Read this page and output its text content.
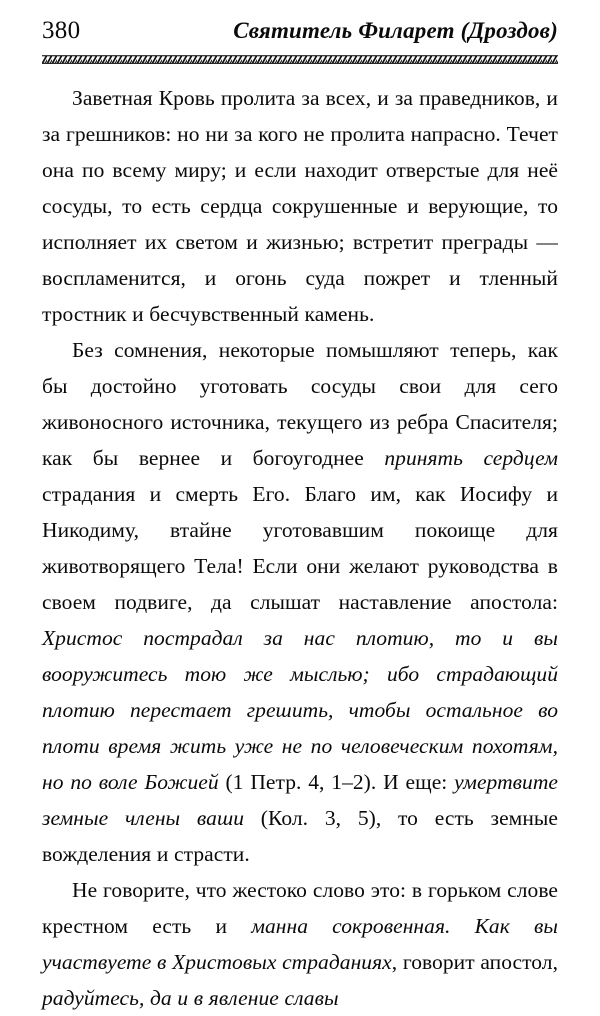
380	Святитель Филарет (Дроздов)

Заветная Кровь пролита за всех, и за праведников, и за грешников: но ни за кого не пролита напрасно. Течет она по всему миру; и если находит отверстые для неё сосуды, то есть сердца сокрушенные и верующие, то исполняет их светом и жизнью; встретит преграды — воспламенится, и огонь суда пожрет и тленный тростник и бесчувственный камень.

Без сомнения, некоторые помышляют теперь, как бы достойно уготовать сосуды свои для сего живоносного источника, текущего из ребра Спасителя; как бы вернее и богоугоднее принять сердцем страдания и смерть Его. Благо им, как Иосифу и Никодиму, втайне уготовавшим покоище для животворящего Тела! Если они желают руководства в своем подвиге, да слышат наставление апостола: Христос пострадал за нас плотию, то и вы вооружитесь тою же мыслью; ибо страдающий плотию перестает грешить, чтобы остальное во плоти время жить уже не по человеческим похотям, но по воле Божией (1 Петр. 4, 1–2). И еще: умертвите земные члены ваши (Кол. 3, 5), то есть земные вожделения и страсти.

Не говорите, что жестоко слово это: в горьком слове крестном есть и манна сокровенная. Как вы участвуете в Христовых страданиях, говорит апостол, радуйтесь, да и в явление славы
